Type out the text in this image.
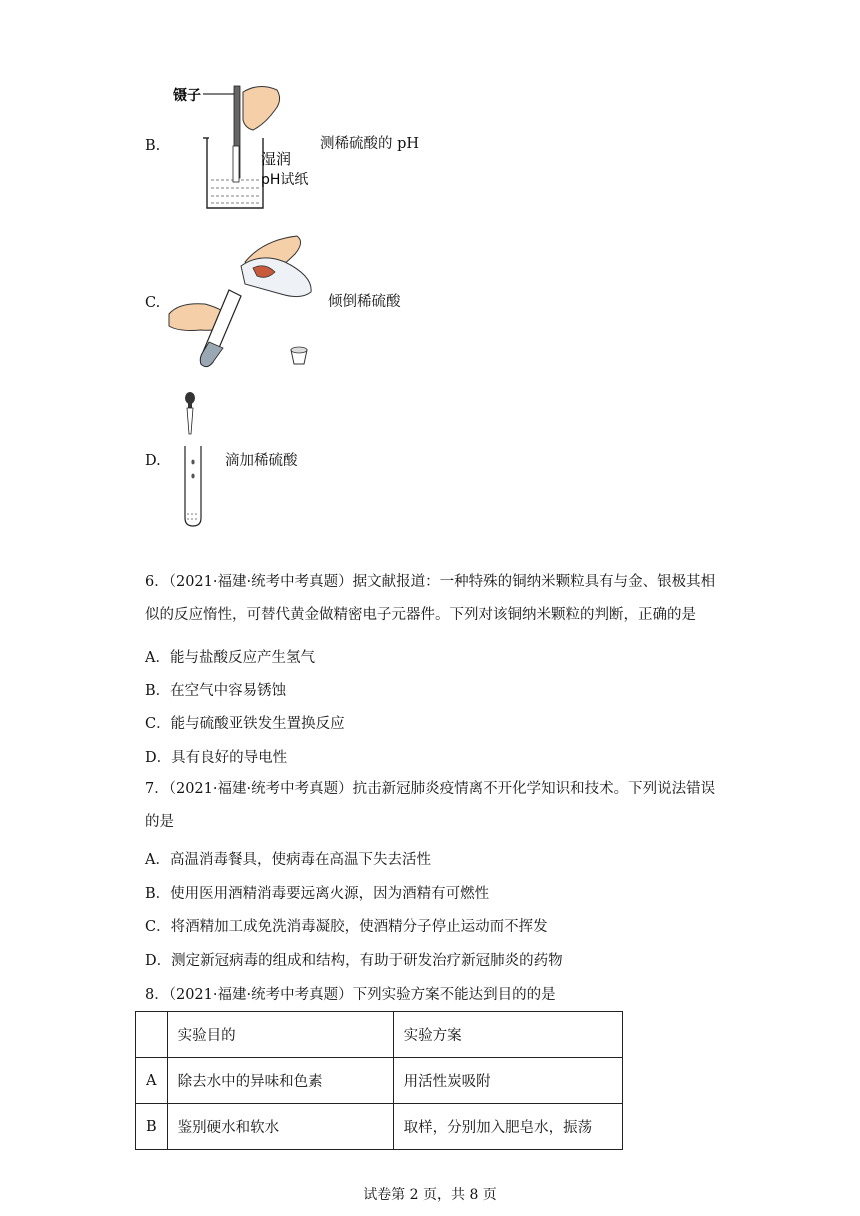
B.
镊子
湿润
pH试纸
测稀硫酸的 pH
C.	倾倒稀硫酸
D.	滴加稀硫酸
6．（2021·福建·统考中考真题）据文献报道：一种特殊的铜纳米颗粒具有与金、银极其相似的反应惰性，可替代黄金做精密电子元器件。下列对该铜纳米颗粒的判断，正确的是
A．能与盐酸反应产生氢气
B．在空气中容易锈蚀
C．能与硫酸亚铁发生置换反应
D．具有良好的导电性
7．（2021·福建·统考中考真题）抗击新冠肺炎疫情离不开化学知识和技术。下列说法错误的是
A．高温消毒餐具，使病毒在高温下失去活性
B．使用医用酒精消毒要远离火源，因为酒精有可燃性
C．将酒精加工成免洗消毒凝胶，使酒精分子停止运动而不挥发
D．测定新冠病毒的组成和结构，有助于研发治疗新冠肺炎的药物
8．（2021·福建·统考中考真题）下列实验方案不能达到目的的是
	实验目的	实验方案
A	除去水中的异味和色素	用活性炭吸附
B	鉴别硬水和软水	取样，分别加入肥皂水，振荡
试卷第 2 页，共 8 页
